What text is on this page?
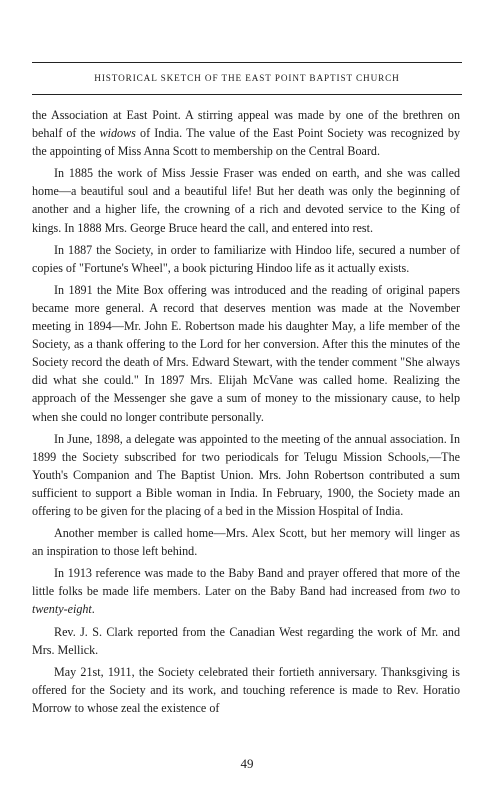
HISTORICAL SKETCH OF THE EAST POINT BAPTIST CHURCH

the Association at East Point. A stirring appeal was made by one of the brethren on behalf of the widows of India. The value of the East Point Society was recognized by the appointing of Miss Anna Scott to membership on the Central Board.

In 1885 the work of Miss Jessie Fraser was ended on earth, and she was called home—a beautiful soul and a beautiful life! But her death was only the beginning of another and a higher life, the crowning of a rich and devoted service to the King of kings. In 1888 Mrs. George Bruce heard the call, and entered into rest.

In 1887 the Society, in order to familiarize with Hindoo life, secured a number of copies of "Fortune's Wheel", a book picturing Hindoo life as it actually exists.

In 1891 the Mite Box offering was introduced and the reading of original papers became more general. A record that deserves mention was made at the November meeting in 1894—Mr. John E. Robertson made his daughter May, a life member of the Society, as a thank offering to the Lord for her conversion. After this the minutes of the Society record the death of Mrs. Edward Stewart, with the tender comment "She always did what she could." In 1897 Mrs. Elijah McVane was called home. Realizing the approach of the Messenger she gave a sum of money to the missionary cause, to help when she could no longer contribute personally.

In June, 1898, a delegate was appointed to the meeting of the annual association. In 1899 the Society subscribed for two periodicals for Telugu Mission Schools,—The Youth's Companion and The Baptist Union. Mrs. John Robertson contributed a sum sufficient to support a Bible woman in India. In February, 1900, the Society made an offering to be given for the placing of a bed in the Mission Hospital of India.

Another member is called home—Mrs. Alex Scott, but her memory will linger as an inspiration to those left behind.

In 1913 reference was made to the Baby Band and prayer offered that more of the little folks be made life members. Later on the Baby Band had increased from two to twenty-eight.

Rev. J. S. Clark reported from the Canadian West regarding the work of Mr. and Mrs. Mellick.

May 21st, 1911, the Society celebrated their fortieth anniversary. Thanksgiving is offered for the Society and its work, and touching reference is made to Rev. Horatio Morrow to whose zeal the existence of

49
